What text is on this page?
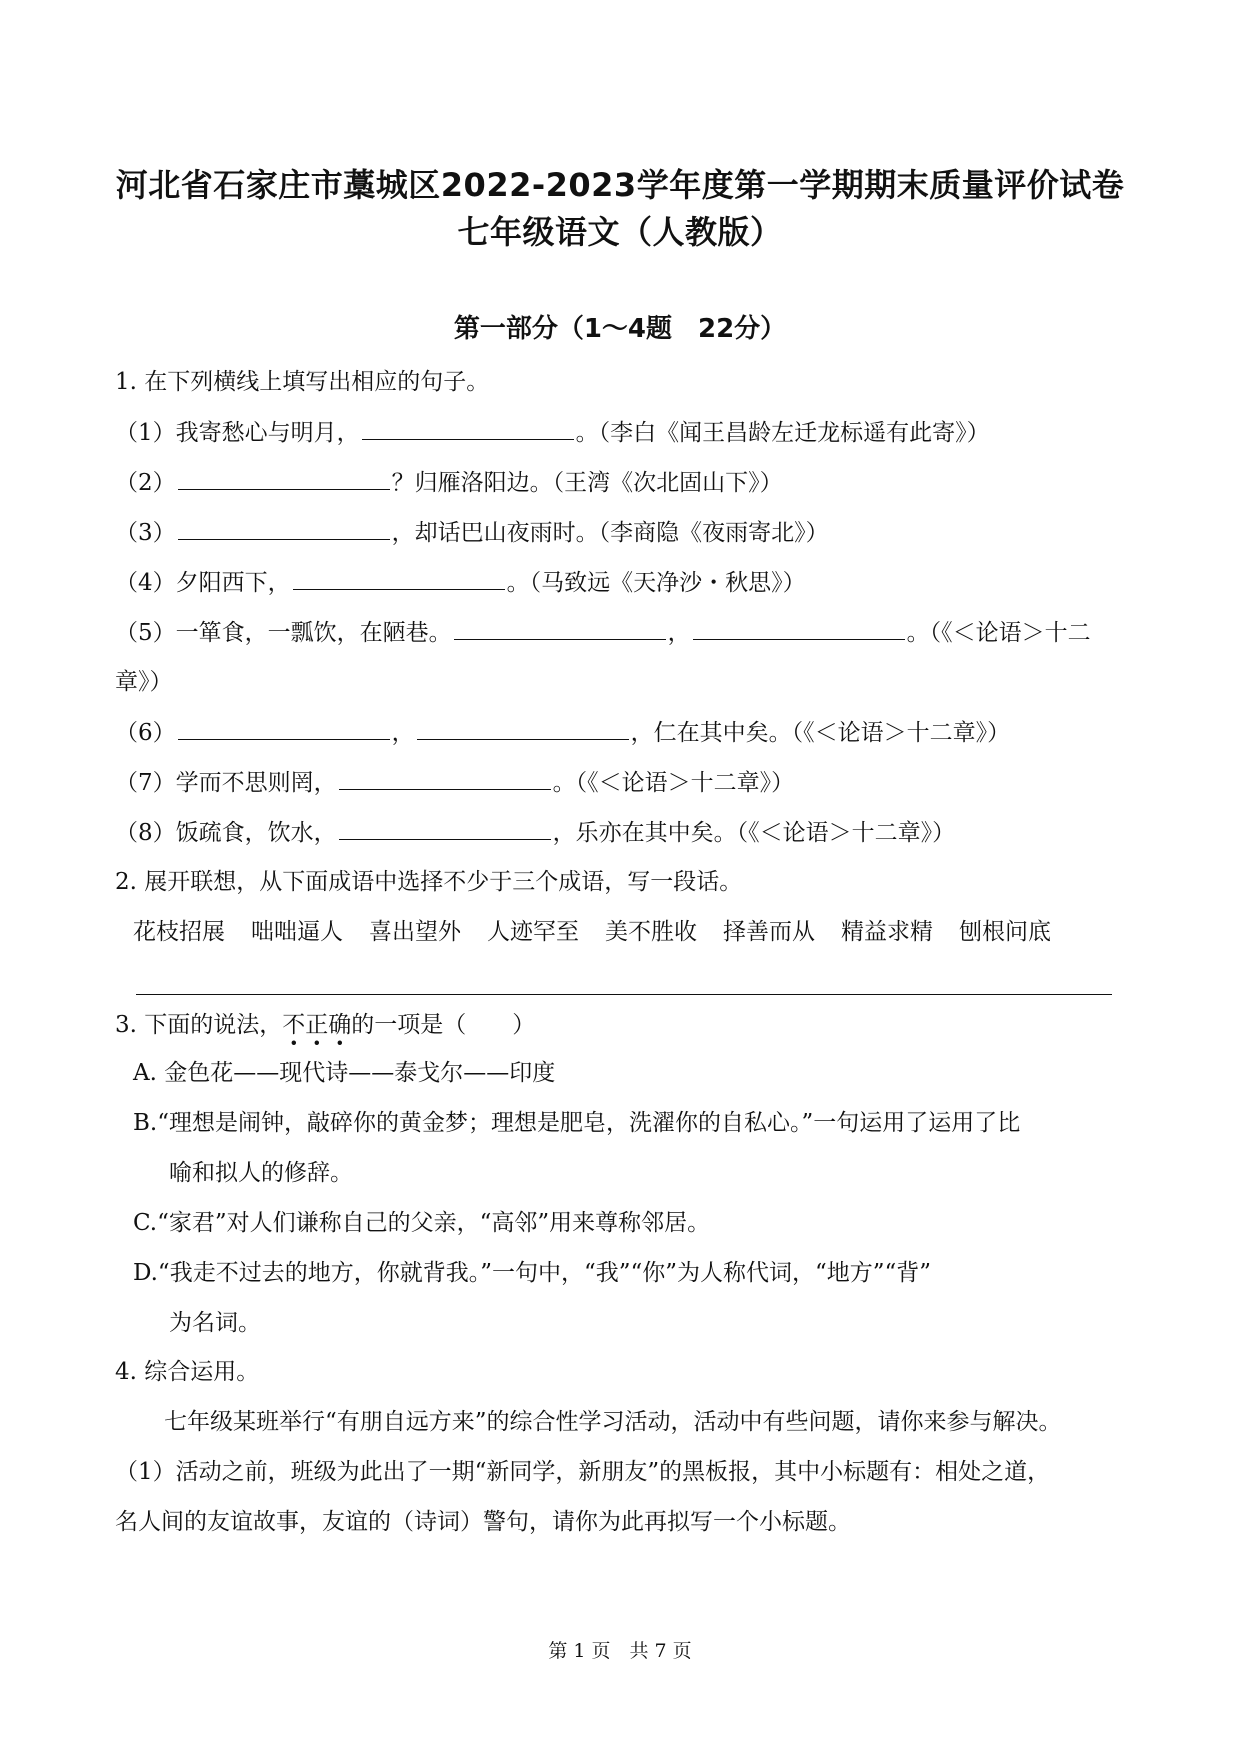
河北省石家庄市藁城区2022-2023学年度第一学期期末质量评价试卷
七年级语文（人教版）
第一部分（1～4题　22分）
1. 在下列横线上填写出相应的句子。
（1）我寄愁心与明月，	。（李白《闻王昌龄左迁龙标遥有此寄》）
（2）	？归雁洛阳边。（王湾《次北固山下》）
（3）	，却话巴山夜雨时。（李商隐《夜雨寄北》）
（4）夕阳西下，	。（马致远《天净沙・秋思》）
（5）一箪食，一瓢饮，在陋巷。	，	。（《＜论语＞十二
章》）
（6）	，	，仁在其中矣。（《＜论语＞十二章》）
（7）学而不思则罔，	。（《＜论语＞十二章》）
（8）饭疏食，饮水，	，乐亦在其中矣。（《＜论语＞十二章》）
2. 展开联想，从下面成语中选择不少于三个成语，写一段话。
花枝招展 咄咄逼人 喜出望外 人迹罕至 美不胜收 择善而从 精益求精 刨根问底
3. 下面的说法，不正确的一项是（　　）
A. 金色花——现代诗——泰戈尔——印度
B.“理想是闹钟，敲碎你的黄金梦；理想是肥皂，洗濯你的自私心。”一句运用了运用了比
喻和拟人的修辞。
C.“家君”对人们谦称自己的父亲，“高邻”用来尊称邻居。
D.“我走不过去的地方，你就背我。”一句中，“我”“你”为人称代词，“地方”“背”
为名词。
4. 综合运用。
七年级某班举行“有朋自远方来”的综合性学习活动，活动中有些问题，请你来参与解决。
（1）活动之前，班级为此出了一期“新同学，新朋友”的黑板报，其中小标题有：相处之道，
名人间的友谊故事，友谊的（诗词）警句，请你为此再拟写一个小标题。
第 1 页　共 7 页
